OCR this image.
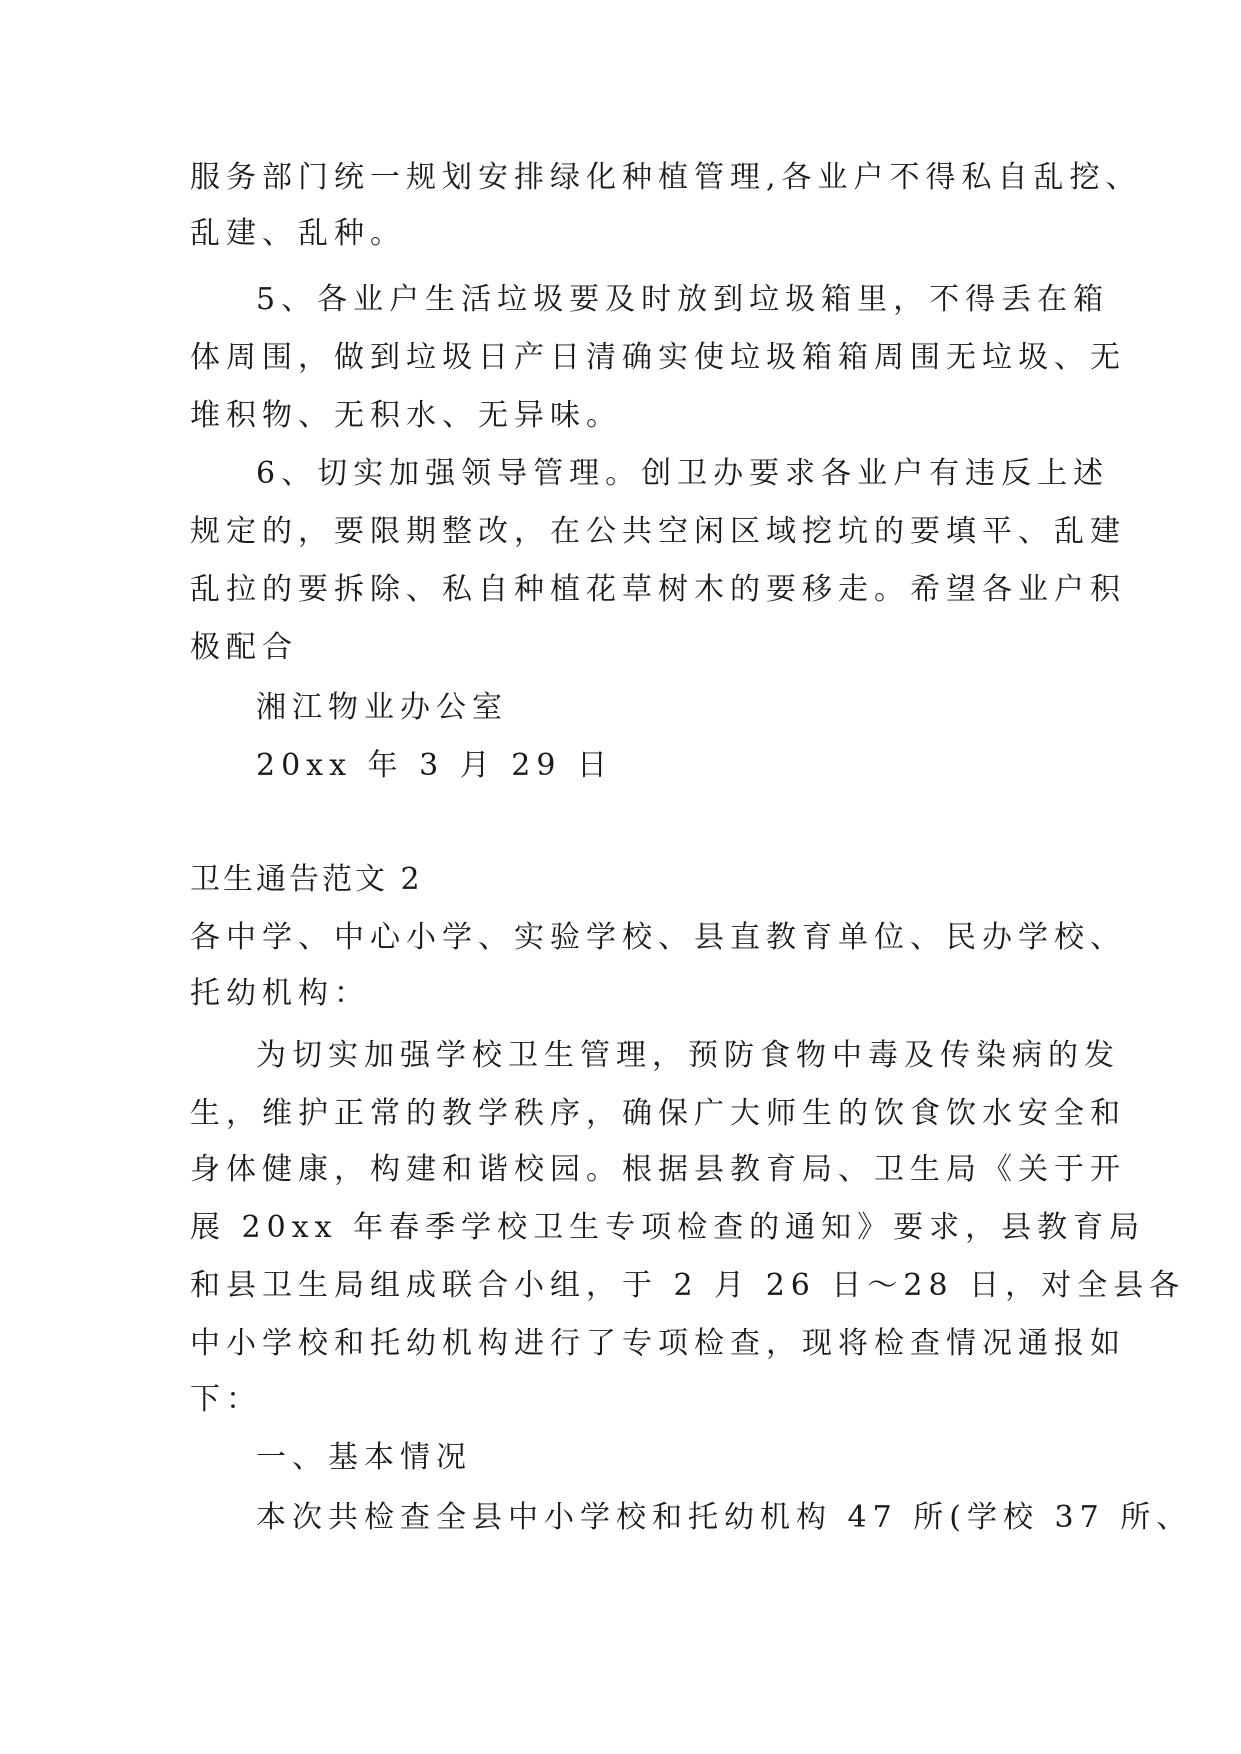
服务部门统一规划安排绿化种植管理,各业户不得私自乱挖、
乱建、乱种。
5、各业户生活垃圾要及时放到垃圾箱里，不得丢在箱
体周围，做到垃圾日产日清确实使垃圾箱箱周围无垃圾、无
堆积物、无积水、无异味。
6、切实加强领导管理。创卫办要求各业户有违反上述
规定的，要限期整改，在公共空闲区域挖坑的要填平、乱建
乱拉的要拆除、私自种植花草树木的要移走。希望各业户积
极配合
湘江物业办公室
20xx 年 3 月 29 日
卫生通告范文 2
各中学、中心小学、实验学校、县直教育单位、民办学校、
托幼机构：
为切实加强学校卫生管理，预防食物中毒及传染病的发
生，维护正常的教学秩序，确保广大师生的饮食饮水安全和
身体健康，构建和谐校园。根据县教育局、卫生局《关于开
展 20xx 年春季学校卫生专项检查的通知》要求，县教育局
和县卫生局组成联合小组，于 2 月 26 日～28 日，对全县各
中小学校和托幼机构进行了专项检查，现将检查情况通报如
下：
一、基本情况
本次共检查全县中小学校和托幼机构 47 所(学校 37 所、
